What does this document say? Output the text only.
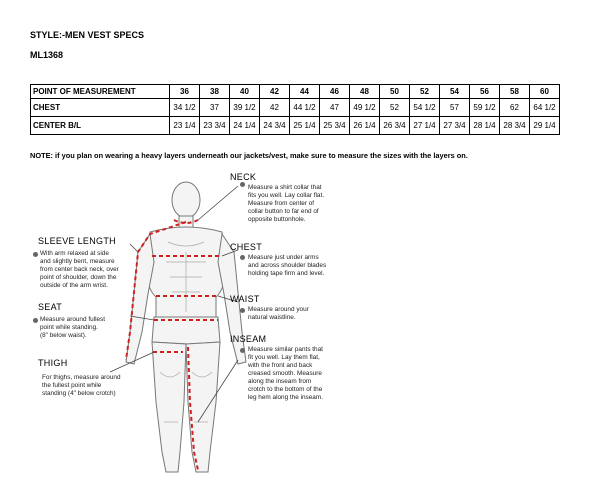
STYLE:-MEN VEST SPECS
ML1368
POINT OF MEASUREMENT	36	38	40	42	44	46	48	50	52	54	56	58	60
CHEST	34 1/2	37	39 1/2	42	44 1/2	47	49 1/2	52	54 1/2	57	59 1/2	62	64 1/2
CENTER B/L	23 1/4	23 3/4	24 1/4	24 3/4	25 1/4	25 3/4	26 1/4	26 3/4	27 1/4	27 3/4	28 1/4	28 3/4	29 1/4
NOTE: if you plan on wearing a heavy layers underneath our jackets/vest, make sure to measure the sizes with the layers on.
NECK
Measure a shirt collar that
fits you well. Lay collar flat.
Measure from center of
collar button to far end of
opposite buttonhole.
CHEST
Measure just under arms
and across shoulder blades
holding tape firm and level.
WAIST
Measure around your
natural waistline.
INSEAM
Measure similar pants that
fit you well. Lay them flat,
with the front and back
creased smooth. Measure
along the inseam from
crotch to the bottom of the
leg hem along the inseam.
SLEEVE LENGTH
With arm relaxed at side
and slightly bent, measure
from center back neck, over
point of shoulder, down the
outside of the arm wrist.
SEAT
Measure around fullest
point while standing.
(8" below waist).
THIGH
For thighs, measure around
the fullest point while
standing (4" below crotch)
